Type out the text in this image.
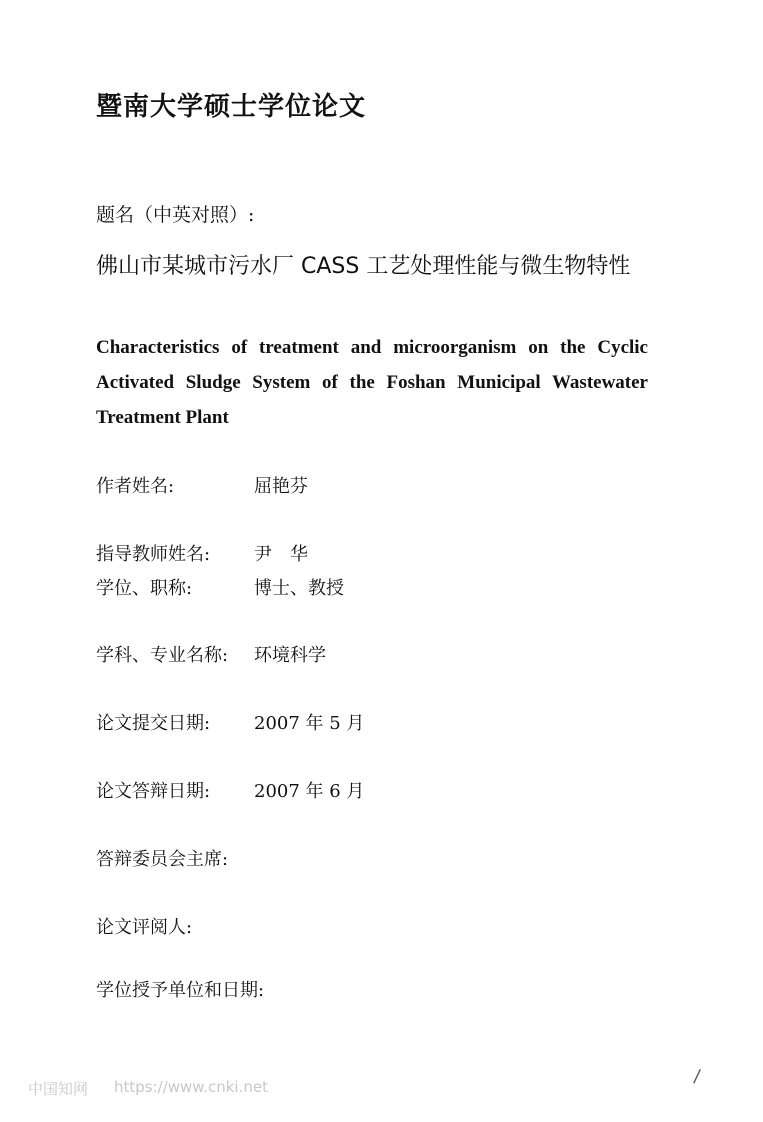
暨南大学硕士学位论文
题名（中英对照）:
佛山市某城市污水厂 CASS 工艺处理性能与微生物特性
Characteristics of treatment and microorganism on the Cyclic Activated Sludge System of the Foshan Municipal Wastewater Treatment Plant
作者姓名:	屈艳芬
指导教师姓名: 尹　华
学位、职称:	博士、教授
学科、专业名称: 环境科学
论文提交日期: 2007 年 5 月
论文答辩日期: 2007 年 6 月
答辩委员会主席:
论文评阅人:
学位授予单位和日期:
中国知网 https://www.cnki.net	/
